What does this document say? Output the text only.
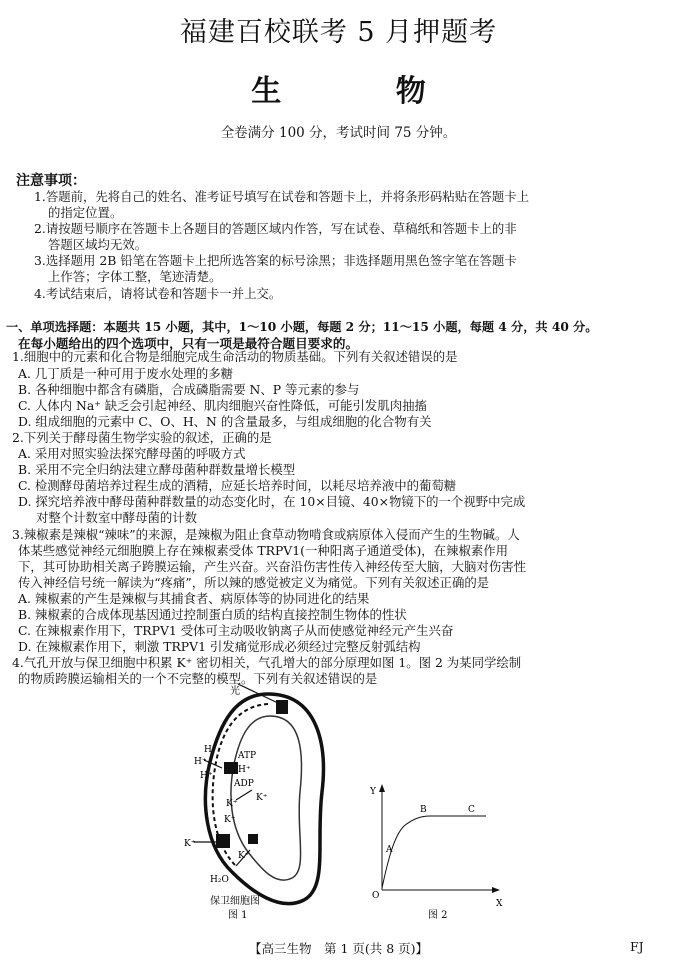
福建百校联考 5 月押题考
生 物
全卷满分 100 分，考试时间 75 分钟。
注意事项：
1.答题前，先将自己的姓名、准考证号填写在试卷和答题卡上，并将条形码粘贴在答题卡上
的指定位置。
2.请按题号顺序在答题卡上各题目的答题区域内作答，写在试卷、草稿纸和答题卡上的非
答题区域均无效。
3.选择题用 2B 铅笔在答题卡上把所选答案的标号涂黑；非选择题用黑色签字笔在答题卡
上作答；字体工整，笔迹清楚。
4.考试结束后，请将试卷和答题卡一并上交。
一、单项选择题：本题共 15 小题，其中，1～10 小题，每题 2 分；11～15 小题，每题 4 分，共 40 分。
在每小题给出的四个选项中，只有一项是最符合题目要求的。
1.细胞中的元素和化合物是细胞完成生命活动的物质基础。下列有关叙述错误的是
A. 几丁质是一种可用于废水处理的多糖
B. 各种细胞中都含有磷脂，合成磷脂需要 N、P 等元素的参与
C. 人体内 Na⁺ 缺乏会引起神经、肌肉细胞兴奋性降低，可能引发肌肉抽搐
D. 组成细胞的元素中 C、O、H、N 的含量最多，与组成细胞的化合物有关
2.下列关于酵母菌生物学实验的叙述，正确的是
A. 采用对照实验法探究酵母菌的呼吸方式
B. 采用不完全归纳法建立酵母菌种群数量增长模型
C. 检测酵母菌培养过程生成的酒精，应延长培养时间，以耗尽培养液中的葡萄糖
D. 探究培养液中酵母菌种群数量的动态变化时，在 10×目镜、40×物镜下的一个视野中完成
对整个计数室中酵母菌的计数
3.辣椒素是辣椒“辣味”的来源，是辣椒为阻止食草动物啃食或病原体入侵而产生的生物碱。人
体某些感觉神经元细胞膜上存在辣椒素受体 TRPV1(一种阳离子通道受体)，在辣椒素作用
下，其可协助相关离子跨膜运输，产生兴奋。兴奋沿伤害性传入神经传至大脑，大脑对伤害性
传入神经信号统一解读为“疼痛”，所以辣的感觉被定义为痛觉。下列有关叙述正确的是
A. 辣椒素的产生是辣椒与其捕食者、病原体等的协同进化的结果
B. 辣椒素的合成体现基因通过控制蛋白质的结构直接控制生物体的性状
C. 在辣椒素作用下，TRPV1 受体可主动吸收钠离子从而使感觉神经元产生兴奋
D. 在辣椒素作用下，刺激 TRPV1 引发痛觉形成必须经过完整反射弧结构
4.气孔开放与保卫细胞中积累 K⁺ 密切相关，气孔增大的部分原理如图 1。图 2 为某同学绘制
的物质跨膜运输相关的一个不完整的模型。下列有关叙述错误的是
光
H⁺
H⁺
H⁺
H⁺
ATP
ADP
K⁺
K⁺
K⁺
K⁺
K⁺
H₂O
保卫细胞图
图 1
Y
O
X
A
B	C
图 2
【高三生物　第 1 页(共 8 页)】	FJ
